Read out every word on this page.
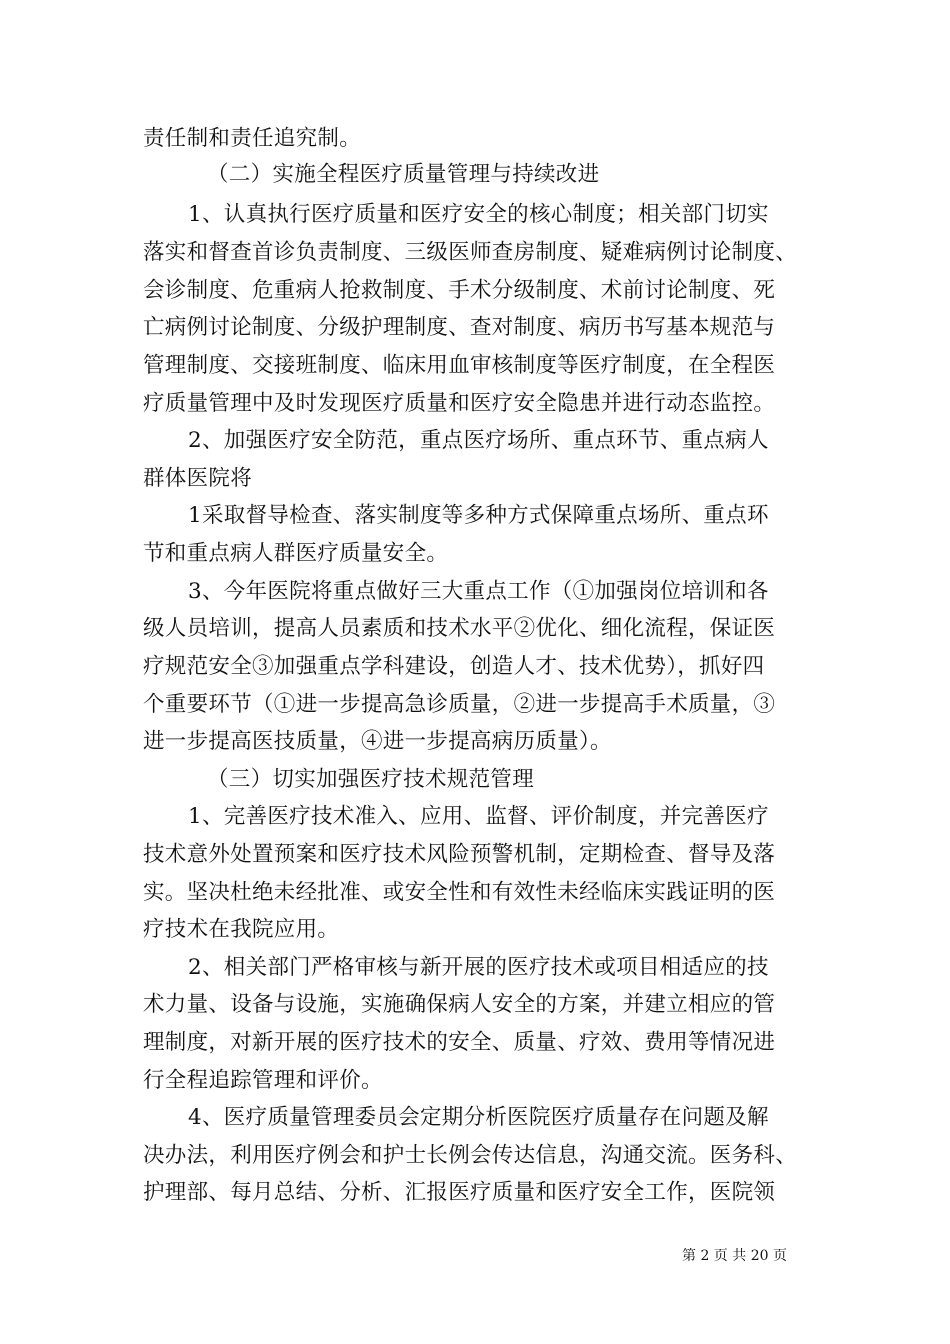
责任制和责任追究制。
（二）实施全程医疗质量管理与持续改进
1、认真执行医疗质量和医疗安全的核心制度；相关部门切实
落实和督查首诊负责制度、三级医师查房制度、疑难病例讨论制度、
会诊制度、危重病人抢救制度、手术分级制度、术前讨论制度、死
亡病例讨论制度、分级护理制度、查对制度、病历书写基本规范与
管理制度、交接班制度、临床用血审核制度等医疗制度，在全程医
疗质量管理中及时发现医疗质量和医疗安全隐患并进行动态监控。
2、加强医疗安全防范，重点医疗场所、重点环节、重点病人
群体医院将
1采取督导检查、落实制度等多种方式保障重点场所、重点环
节和重点病人群医疗质量安全。
3、今年医院将重点做好三大重点工作（①加强岗位培训和各
级人员培训，提高人员素质和技术水平②优化、细化流程，保证医
疗规范安全③加强重点学科建设，创造人才、技术优势），抓好四
个重要环节（①进一步提高急诊质量，②进一步提高手术质量，③
进一步提高医技质量，④进一步提高病历质量）。
（三）切实加强医疗技术规范管理
1、完善医疗技术准入、应用、监督、评价制度，并完善医疗
技术意外处置预案和医疗技术风险预警机制，定期检查、督导及落
实。坚决杜绝未经批准、或安全性和有效性未经临床实践证明的医
疗技术在我院应用。
2、相关部门严格审核与新开展的医疗技术或项目相适应的技
术力量、设备与设施，实施确保病人安全的方案，并建立相应的管
理制度，对新开展的医疗技术的安全、质量、疗效、费用等情况进
行全程追踪管理和评价。
4、医疗质量管理委员会定期分析医院医疗质量存在问题及解
决办法，利用医疗例会和护士长例会传达信息，沟通交流。医务科、
护理部、每月总结、分析、汇报医疗质量和医疗安全工作，医院领
第 2 页 共 20 页
